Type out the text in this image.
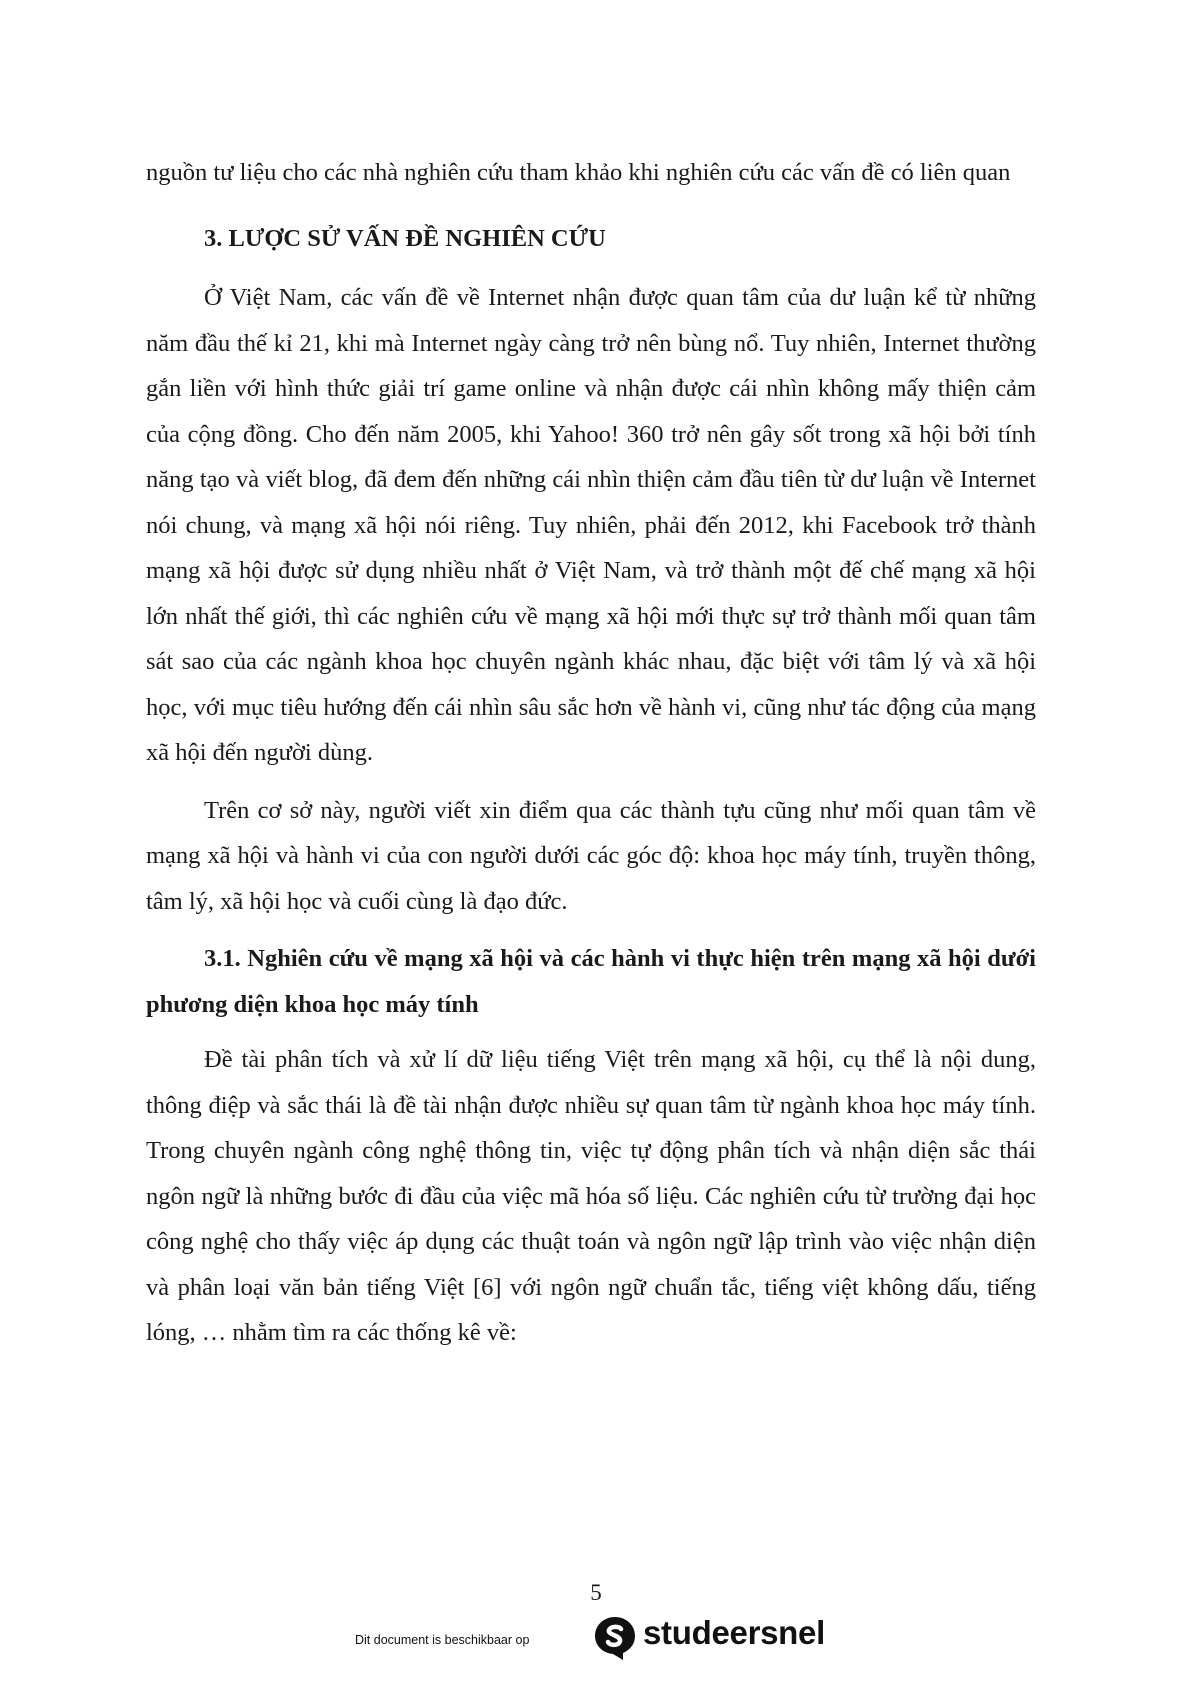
nguồn tư liệu cho các nhà nghiên cứu tham khảo khi nghiên cứu các vấn đề có liên quan

3. LƯỢC SỬ VẤN ĐỀ NGHIÊN CỨU

Ở Việt Nam, các vấn đề về Internet nhận được quan tâm của dư luận kể từ những năm đầu thế kỉ 21, khi mà Internet ngày càng trở nên bùng nổ. Tuy nhiên, Internet thường gắn liền với hình thức giải trí game online và nhận được cái nhìn không mấy thiện cảm của cộng đồng. Cho đến năm 2005, khi Yahoo! 360 trở nên gây sốt trong xã hội bởi tính năng tạo và viết blog, đã đem đến những cái nhìn thiện cảm đầu tiên từ dư luận về Internet nói chung, và mạng xã hội nói riêng. Tuy nhiên, phải đến 2012, khi Facebook trở thành mạng xã hội được sử dụng nhiều nhất ở Việt Nam, và trở thành một đế chế mạng xã hội lớn nhất thế giới, thì các nghiên cứu về mạng xã hội mới thực sự trở thành mối quan tâm sát sao của các ngành khoa học chuyên ngành khác nhau, đặc biệt với tâm lý và xã hội học, với mục tiêu hướng đến cái nhìn sâu sắc hơn về hành vi, cũng như tác động của mạng xã hội đến người dùng.

Trên cơ sở này, người viết xin điểm qua các thành tựu cũng như mối quan tâm về mạng xã hội và hành vi của con người dưới các góc độ: khoa học máy tính, truyền thông, tâm lý, xã hội học và cuối cùng là đạo đức.

3.1. Nghiên cứu về mạng xã hội và các hành vi thực hiện trên mạng xã hội dưới phương diện khoa học máy tính

Đề tài phân tích và xử lí dữ liệu tiếng Việt trên mạng xã hội, cụ thể là nội dung, thông điệp và sắc thái là đề tài nhận được nhiều sự quan tâm từ ngành khoa học máy tính. Trong chuyên ngành công nghệ thông tin, việc tự động phân tích và nhận diện sắc thái ngôn ngữ là những bước đi đầu của việc mã hóa số liệu. Các nghiên cứu từ trường đại học công nghệ cho thấy việc áp dụng các thuật toán và ngôn ngữ lập trình vào việc nhận diện và phân loại văn bản tiếng Việt [6] với ngôn ngữ chuẩn tắc, tiếng việt không dấu, tiếng lóng, … nhằm tìm ra các thống kê về:

5
Dit document is beschikbaar op	studeersnel
